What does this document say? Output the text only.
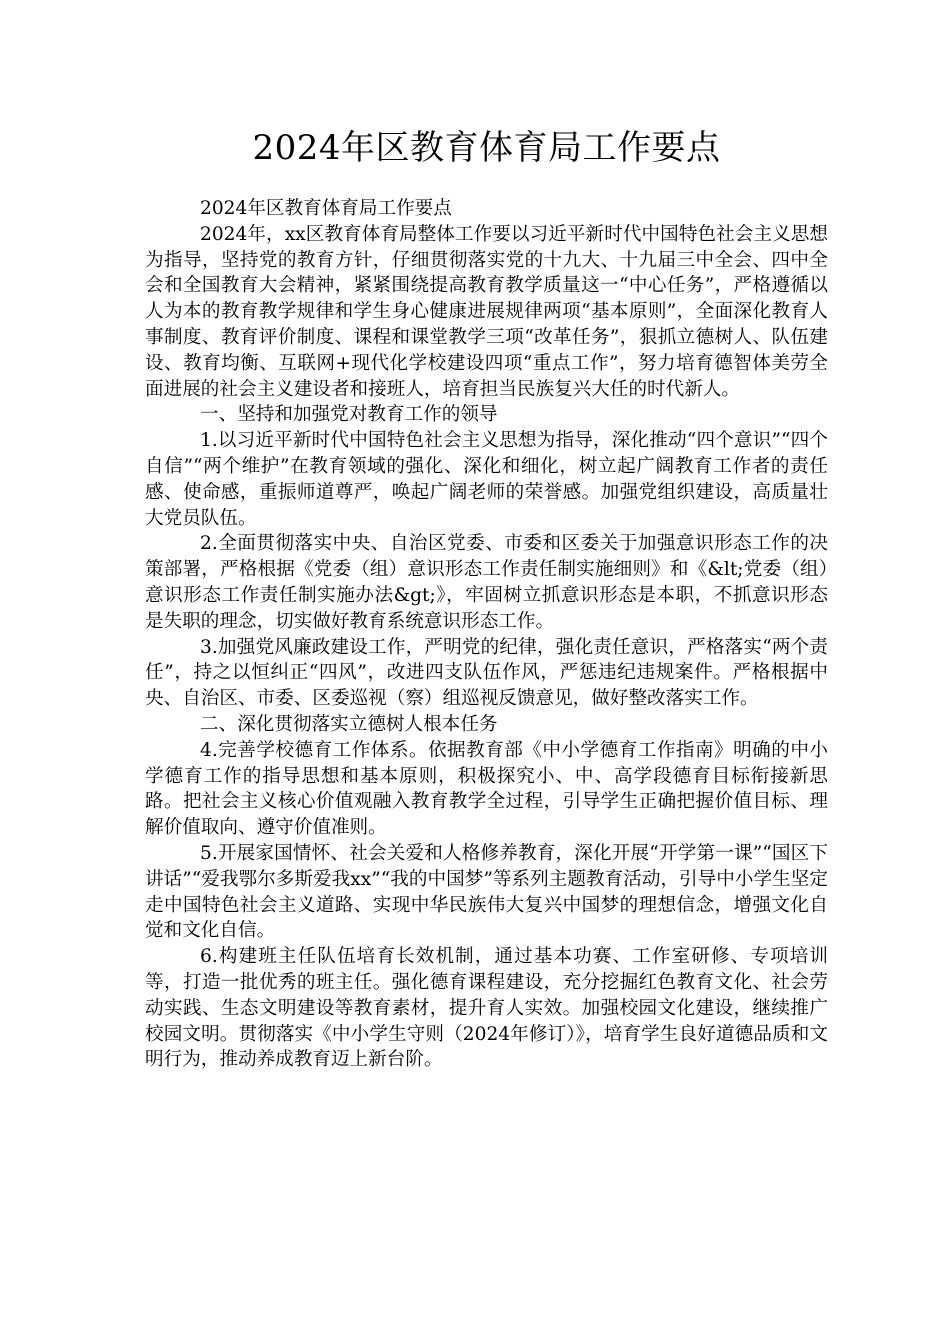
2024年区教育体育局工作要点

2024年区教育体育局工作要点

2024年，xx区教育体育局整体工作要以习近平新时代中国特色社会主义思想为指导，坚持党的教育方针，仔细贯彻落实党的十九大、十九届三中全会、四中全会和全国教育大会精神，紧紧围绕提高教育教学质量这一“中心任务”，严格遵循以人为本的教育教学规律和学生身心健康进展规律两项“基本原则”，全面深化教育人事制度、教育评价制度、课程和课堂教学三项“改革任务”，狠抓立德树人、队伍建设、教育均衡、互联网+现代化学校建设四项“重点工作”，努力培育德智体美劳全面进展的社会主义建设者和接班人，培育担当民族复兴大任的时代新人。

一、坚持和加强党对教育工作的领导

1.以习近平新时代中国特色社会主义思想为指导，深化推动“四个意识”“四个自信”“两个维护”在教育领域的强化、深化和细化，树立起广阔教育工作者的责任感、使命感，重振师道尊严，唤起广阔老师的荣誉感。加强党组织建设，高质量壮大党员队伍。

2.全面贯彻落实中央、自治区党委、市委和区委关于加强意识形态工作的决策部署，严格根据《党委（组）意识形态工作责任制实施细则》和《&lt;党委（组）意识形态工作责任制实施办法&gt;》，牢固树立抓意识形态是本职，不抓意识形态是失职的理念，切实做好教育系统意识形态工作。

3.加强党风廉政建设工作，严明党的纪律，强化责任意识，严格落实“两个责任”，持之以恒纠正“四风”，改进四支队伍作风，严惩违纪违规案件。严格根据中央、自治区、市委、区委巡视（察）组巡视反馈意见，做好整改落实工作。

二、深化贯彻落实立德树人根本任务

4.完善学校德育工作体系。依据教育部《中小学德育工作指南》明确的中小学德育工作的指导思想和基本原则，积极探究小、中、高学段德育目标衔接新思路。把社会主义核心价值观融入教育教学全过程，引导学生正确把握价值目标、理解价值取向、遵守价值准则。

5.开展家国情怀、社会关爱和人格修养教育，深化开展“开学第一课”“国区下讲话”“爱我鄂尔多斯爱我xx”“我的中国梦”等系列主题教育活动，引导中小学生坚定走中国特色社会主义道路、实现中华民族伟大复兴中国梦的理想信念，增强文化自觉和文化自信。

6.构建班主任队伍培育长效机制，通过基本功赛、工作室研修、专项培训等，打造一批优秀的班主任。强化德育课程建设，充分挖掘红色教育文化、社会劳动实践、生态文明建设等教育素材，提升育人实效。加强校园文化建设，继续推广校园文明。贯彻落实《中小学生守则（2024年修订）》，培育学生良好道德品质和文明行为，推动养成教育迈上新台阶。
